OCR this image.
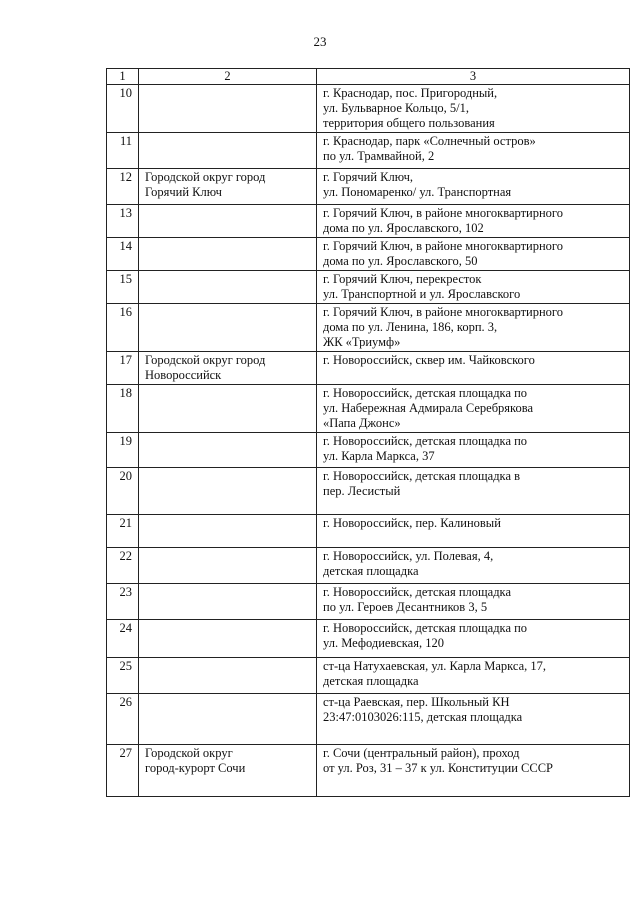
23
1	2	3
10		г. Краснодар, пос. Пригородный,
ул. Бульварное Кольцо, 5/1,
территория общего пользования

11		г. Краснодар, парк «Солнечный остров»
по ул. Трамвайной, 2

12	Городской округ город
Горячий Ключ	г. Горячий Ключ,
ул. Пономаренко/ ул. Транспортная

13		г. Горячий Ключ, в районе многоквартирного
дома по ул. Ярославского, 102

14		г. Горячий Ключ, в районе многоквартирного
дома по ул. Ярославского, 50

15		г. Горячий Ключ, перекресток
ул. Транспортной и ул. Ярославского

16		г. Горячий Ключ, в районе многоквартирного
дома по ул. Ленина, 186, корп. 3,
ЖК «Триумф»

17	Городской округ город
Новороссийск	г. Новороссийск, сквер им. Чайковского

18		г. Новороссийск, детская площадка по
ул. Набережная Адмирала Серебрякова
«Папа Джонс»

19		г. Новороссийск, детская площадка по
ул. Карла Маркса, 37

20		г. Новороссийск, детская площадка в
пер. Лесистый

21		г. Новороссийск, пер. Калиновый

22		г. Новороссийск, ул. Полевая, 4,
детская площадка

23		г. Новороссийск, детская площадка
по ул. Героев Десантников 3, 5

24		г. Новороссийск, детская площадка по
ул. Мефодиевская, 120

25		ст-ца Натухаевская, ул. Карла Маркса, 17,
детская площадка

26		ст-ца Раевская, пер. Школьный КН
23:47:0103026:115, детская площадка

27	Городской округ
город-курорт Сочи	г. Сочи (центральный район), проход
от ул. Роз, 31 – 37 к ул. Конституции СССР
